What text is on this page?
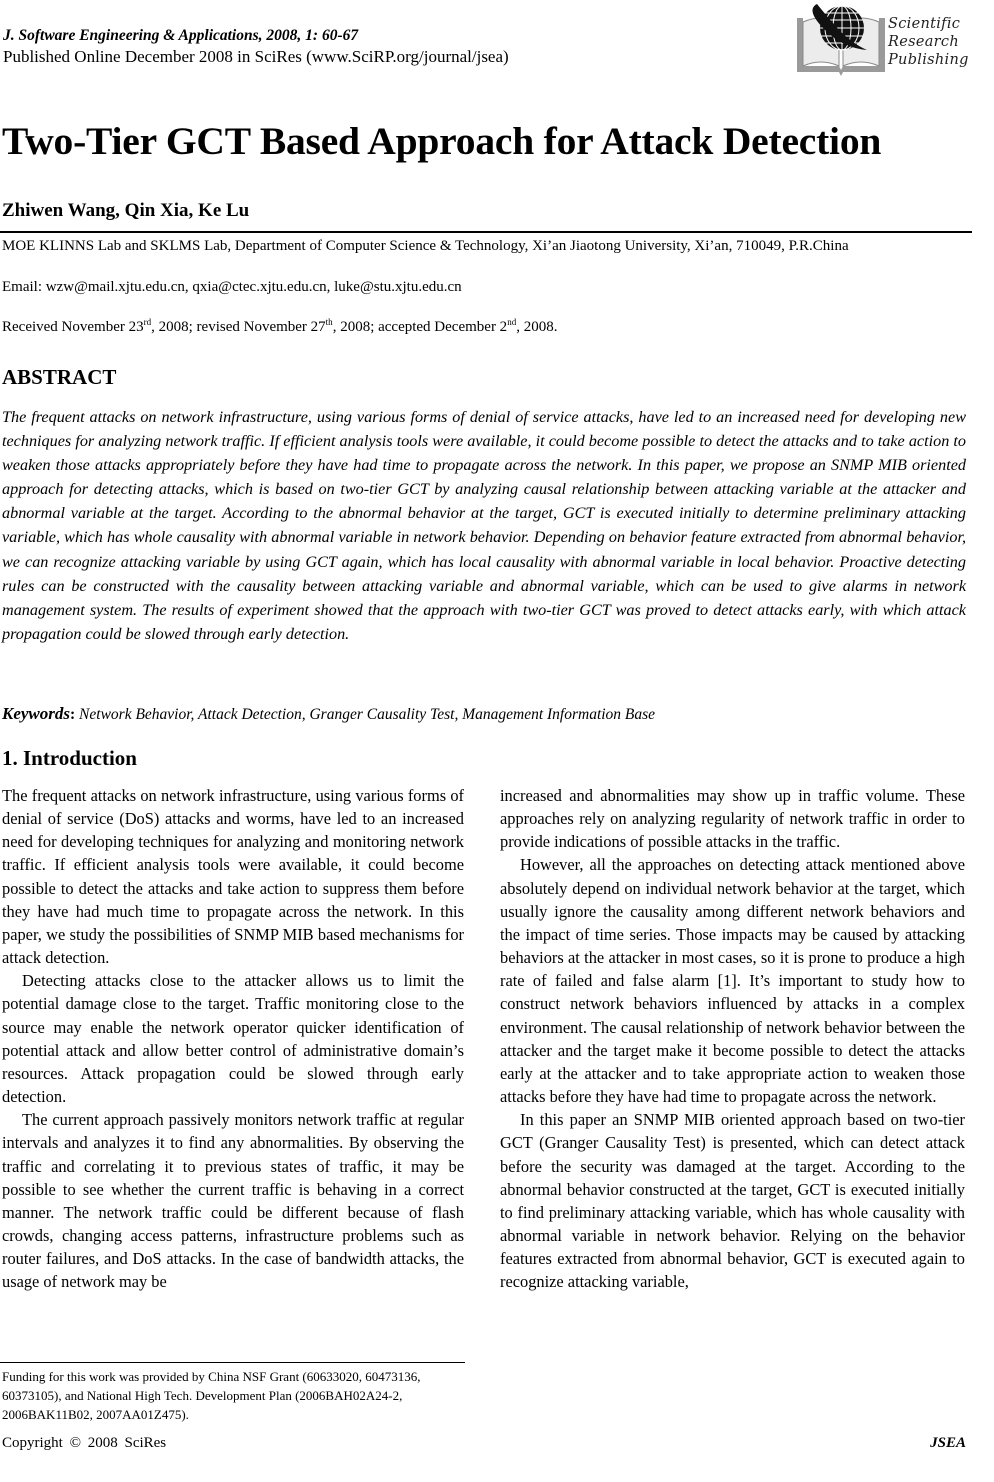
J. Software Engineering & Applications, 2008, 1: 60-67
Published Online December 2008 in SciRes (www.SciRP.org/journal/jsea)
Scientific
Research
Publishing
Two-Tier GCT Based Approach for Attack Detection
Zhiwen Wang, Qin Xia, Ke Lu
MOE KLINNS Lab and SKLMS Lab, Department of Computer Science & Technology, Xi’an Jiaotong University, Xi’an, 710049, P.R.China
Email: wzw@mail.xjtu.edu.cn, qxia@ctec.xjtu.edu.cn, luke@stu.xjtu.edu.cn
Received November 23rd, 2008; revised November 27th, 2008; accepted December 2nd, 2008.
ABSTRACT
The frequent attacks on network infrastructure, using various forms of denial of service attacks, have led to an increased need for developing new techniques for analyzing network traffic. If efficient analysis tools were available, it could become possible to detect the attacks and to take action to weaken those attacks appropriately before they have had time to propagate across the network. In this paper, we propose an SNMP MIB oriented approach for detecting attacks, which is based on two-tier GCT by analyzing causal relationship between attacking variable at the attacker and abnormal variable at the target. According to the abnormal behavior at the target, GCT is executed initially to determine preliminary attacking variable, which has whole causality with abnormal variable in network behavior. Depending on behavior feature extracted from abnormal behavior, we can recognize attacking variable by using GCT again, which has local causality with abnormal variable in local behavior. Proactive detecting rules can be constructed with the causality between attacking variable and abnormal variable, which can be used to give alarms in network management system. The results of experiment showed that the approach with two-tier GCT was proved to detect attacks early, with which attack propagation could be slowed through early detection.
Keywords: Network Behavior, Attack Detection, Granger Causality Test, Management Information Base
1. Introduction

The frequent attacks on network infrastructure, using various forms of denial of service (DoS) attacks and worms, have led to an increased need for developing techniques for analyzing and monitoring network traffic. If efficient analysis tools were available, it could become possible to detect the attacks and take action to suppress them before they have had much time to propagate across the network. In this paper, we study the possibilities of SNMP MIB based mechanisms for attack detection.

Detecting attacks close to the attacker allows us to limit the potential damage close to the target. Traffic monitoring close to the source may enable the network operator quicker identification of potential attack and allow better control of administrative domain’s resources. Attack propagation could be slowed through early detection.

The current approach passively monitors network traffic at regular intervals and analyzes it to find any abnormalities. By observing the traffic and correlating it to previous states of traffic, it may be possible to see whether the current traffic is behaving in a correct manner. The network traffic could be different because of flash crowds, changing access patterns, infrastructure problems such as router failures, and DoS attacks. In the case of bandwidth attacks, the usage of network may be

increased and abnormalities may show up in traffic volume. These approaches rely on analyzing regularity of network traffic in order to provide indications of possible attacks in the traffic.

However, all the approaches on detecting attack mentioned above absolutely depend on individual network behavior at the target, which usually ignore the causality among different network behaviors and the impact of time series. Those impacts may be caused by attacking behaviors at the attacker in most cases, so it is prone to produce a high rate of failed and false alarm [1]. It’s important to study how to construct network behaviors influenced by attacks in a complex environment. The causal relationship of network behavior between the attacker and the target make it become possible to detect the attacks early at the attacker and to take appropriate action to weaken those attacks before they have had time to propagate across the network.

In this paper an SNMP MIB oriented approach based on two-tier GCT (Granger Causality Test) is presented, which can detect attack before the security was damaged at the target. According to the abnormal behavior constructed at the target, GCT is executed initially to find preliminary attacking variable, which has whole causality with abnormal variable in network behavior. Relying on the behavior features extracted from abnormal behavior, GCT is executed again to recognize attacking variable,

Funding for this work was provided by China NSF Grant (60633020, 60473136, 60373105), and National High Tech. Development Plan (2006BAH02A24-2, 2006BAK11B02, 2007AA01Z475).
Copyright © 2008 SciRes	JSEA
